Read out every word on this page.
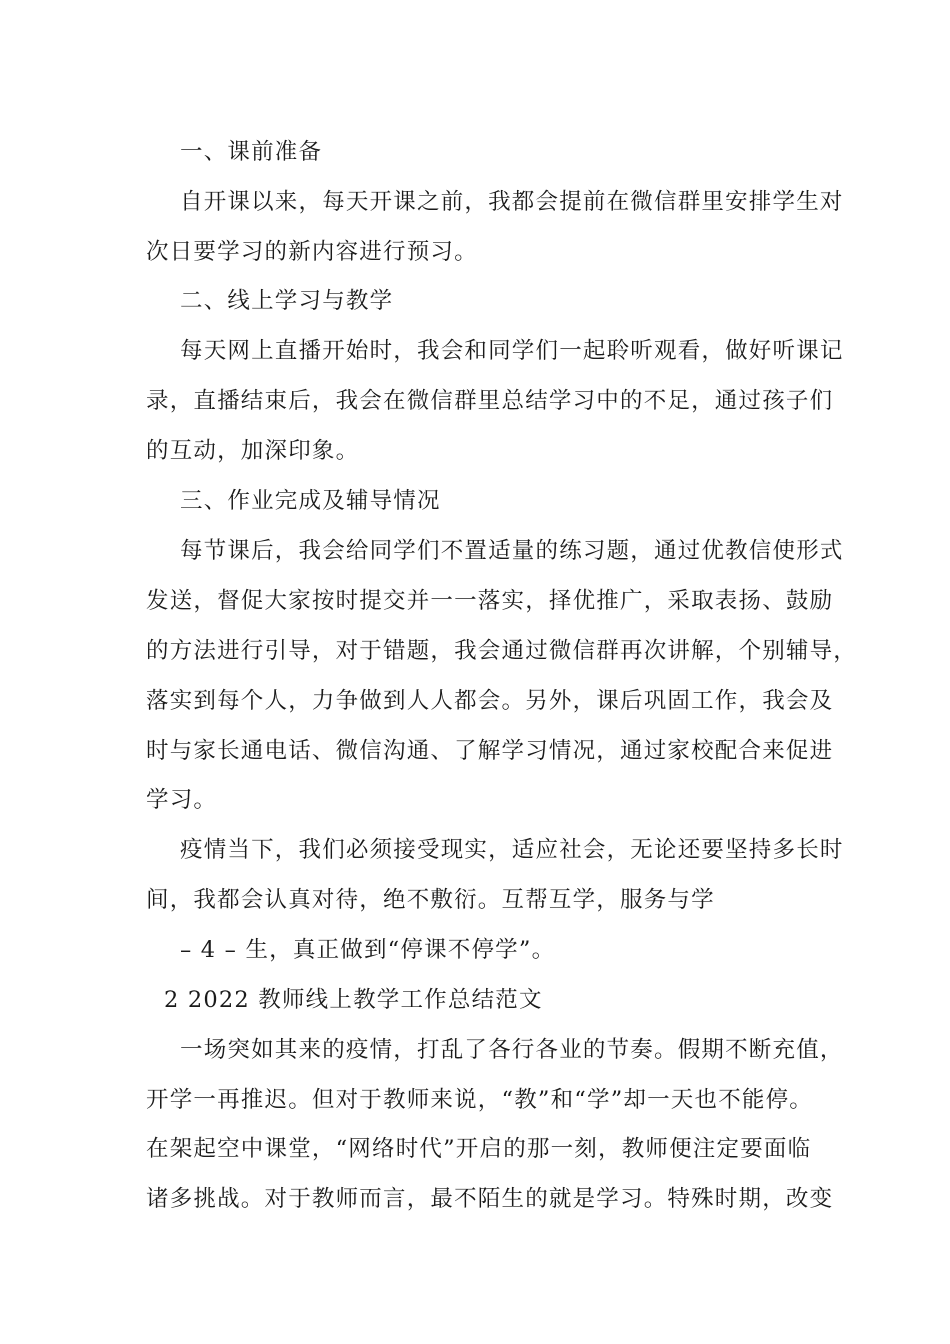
一、课前准备
自开课以来，每天开课之前，我都会提前在微信群里安排学生对
次日要学习的新内容进行预习。
二、线上学习与教学
每天网上直播开始时，我会和同学们一起聆听观看，做好听课记
录，直播结束后，我会在微信群里总结学习中的不足，通过孩子们
的互动，加深印象。
三、作业完成及辅导情况
每节课后，我会给同学们不置适量的练习题，通过优教信使形式
发送，督促大家按时提交并一一落实，择优推广，采取表扬、鼓励
的方法进行引导，对于错题，我会通过微信群再次讲解，个别辅导，
落实到每个人，力争做到人人都会。另外，课后巩固工作，我会及
时与家长通电话、微信沟通、了解学习情况，通过家校配合来促进
学习。
疫情当下，我们必须接受现实，适应社会，无论还要坚持多长时
间，我都会认真对待，绝不敷衍。互帮互学，服务与学
– 4 – 生，真正做到“停课不停学”。
2 2022 教师线上教学工作总结范文
一场突如其来的疫情，打乱了各行各业的节奏。假期不断充值，
开学一再推迟。但对于教师来说，“教”和“学”却一天也不能停。
在架起空中课堂，“网络时代”开启的那一刻，教师便注定要面临
诸多挑战。对于教师而言，最不陌生的就是学习。特殊时期，改变
